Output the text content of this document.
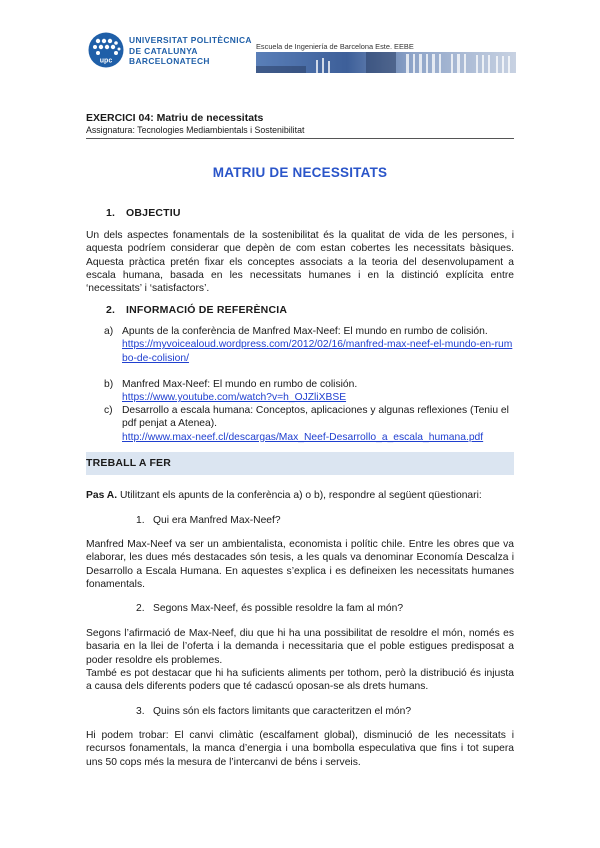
upc
UNIVERSITAT POLITÈCNICA
DE CATALUNYA
BARCELONATECH
Escuela de Ingeniería de Barcelona Este. EEBE
EXERCICI 04: Matriu de necessitats
Assignatura: Tecnologies Mediambientals i Sostenibilitat
MATRIU DE NECESSITATS
1. OBJECTIU
Un dels aspectes fonamentals de la sostenibilitat és la qualitat de vida de les persones, i aquesta podríem considerar que depèn de com estan cobertes les necessitats bàsiques. Aquesta pràctica pretén fixar els conceptes associats a la teoria del desenvolupament a escala humana, basada en les necessitats humanes i en la distinció explícita entre ‘necessitats’ i ‘satisfactors’.
2. INFORMACIÓ DE REFERÈNCIA
a) Apunts de la conferència de Manfred Max-Neef: El mundo en rumbo de colisión.
https://myvoicealoud.wordpress.com/2012/02/16/manfred-max-neef-el-mundo-en-rumbo-de-colision/
b) Manfred Max-Neef: El mundo en rumbo de colisión.
https://www.youtube.com/watch?v=h_OJZliXBSE
c) Desarrollo a escala humana: Conceptos, aplicaciones y algunas reflexiones (Teniu el pdf penjat a Atenea).
http://www.max-neef.cl/descargas/Max_Neef-Desarrollo_a_escala_humana.pdf
TREBALL A FER
Pas A. Utilitzant els apunts de la conferència a) o b), respondre al següent qüestionari:
1. Qui era Manfred Max-Neef?
Manfred Max-Neef va ser un ambientalista, economista i polític chile. Entre les obres que va elaborar, les dues més destacades són tesis, a les quals va denominar Economía Descalza i Desarrollo a Escala Humana. En aquestes s’explica i es defineixen les necessitats humanes fonamentals.
2. Segons Max-Neef, és possible resoldre la fam al món?
Segons l’afirmació de Max-Neef, diu que hi ha una possibilitat de resoldre el món, només es basaria en la llei de l’oferta i la demanda i necessitaria que el poble estigues predisposat a poder resoldre els problemes.
També es pot destacar que hi ha suficients aliments per tothom, però la distribució és injusta a causa dels diferents poders que té cadascú oposan-se als drets humans.
3. Quins són els factors limitants que caracteritzen el món?
Hi podem trobar: El canvi climàtic (escalfament global), disminució de les necessitats i recursos fonamentals, la manca d’energia i una bombolla especulativa que fins i tot supera uns 50 cops més la mesura de l’intercanvi de béns i serveis.
